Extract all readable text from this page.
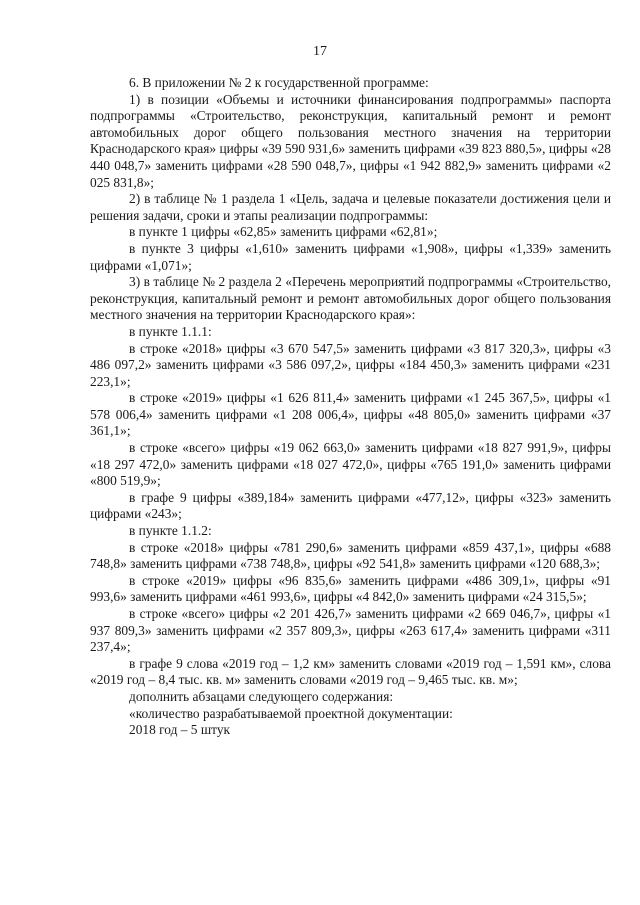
17

6. В приложении № 2 к государственной программе:

1) в позиции «Объемы и источники финансирования подпрограммы» паспорта подпрограммы «Строительство, реконструкция, капитальный ремонт и ремонт автомобильных дорог общего пользования местного значения на территории Краснодарского края» цифры «39 590 931,6» заменить цифрами «39 823 880,5», цифры «28 440 048,7» заменить цифрами «28 590 048,7», цифры «1 942 882,9» заменить цифрами «2 025 831,8»;

2) в таблице № 1 раздела 1 «Цель, задача и целевые показатели достижения цели и решения задачи, сроки и этапы реализации подпрограммы:

в пункте 1 цифры «62,85» заменить цифрами «62,81»;

в пункте 3 цифры «1,610» заменить цифрами «1,908», цифры «1,339» заменить цифрами «1,071»;

3) в таблице № 2 раздела 2 «Перечень мероприятий подпрограммы «Строительство, реконструкция, капитальный ремонт и ремонт автомобильных дорог общего пользования местного значения на территории Краснодарского края»:

в пункте 1.1.1:

в строке «2018» цифры «3 670 547,5» заменить цифрами «3 817 320,3», цифры «3 486 097,2» заменить цифрами «3 586 097,2», цифры «184 450,3» заменить цифрами «231 223,1»;

в строке «2019» цифры «1 626 811,4» заменить цифрами «1 245 367,5», цифры «1 578 006,4» заменить цифрами «1 208 006,4», цифры «48 805,0» заменить цифрами «37 361,1»;

в строке «всего» цифры «19 062 663,0» заменить цифрами «18 827 991,9», цифры «18 297 472,0» заменить цифрами «18 027 472,0», цифры «765 191,0» заменить цифрами «800 519,9»;

в графе 9 цифры «389,184» заменить цифрами «477,12», цифры «323» заменить цифрами «243»;

в пункте 1.1.2:

в строке «2018» цифры «781 290,6» заменить цифрами «859 437,1», цифры «688 748,8» заменить цифрами «738 748,8», цифры «92 541,8» заменить цифрами «120 688,3»;

в строке «2019» цифры «96 835,6» заменить цифрами «486 309,1», цифры «91 993,6» заменить цифрами «461 993,6», цифры «4 842,0» заменить цифрами «24 315,5»;

в строке «всего» цифры «2 201 426,7» заменить цифрами «2 669 046,7», цифры «1 937 809,3» заменить цифрами «2 357 809,3», цифры «263 617,4» заменить цифрами «311 237,4»;

в графе 9 слова «2019 год – 1,2 км» заменить словами «2019 год – 1,591 км», слова «2019 год – 8,4 тыс. кв. м» заменить словами «2019 год – 9,465 тыс. кв. м»;

дополнить абзацами следующего содержания:

«количество разрабатываемой проектной документации:

2018 год – 5 штук
